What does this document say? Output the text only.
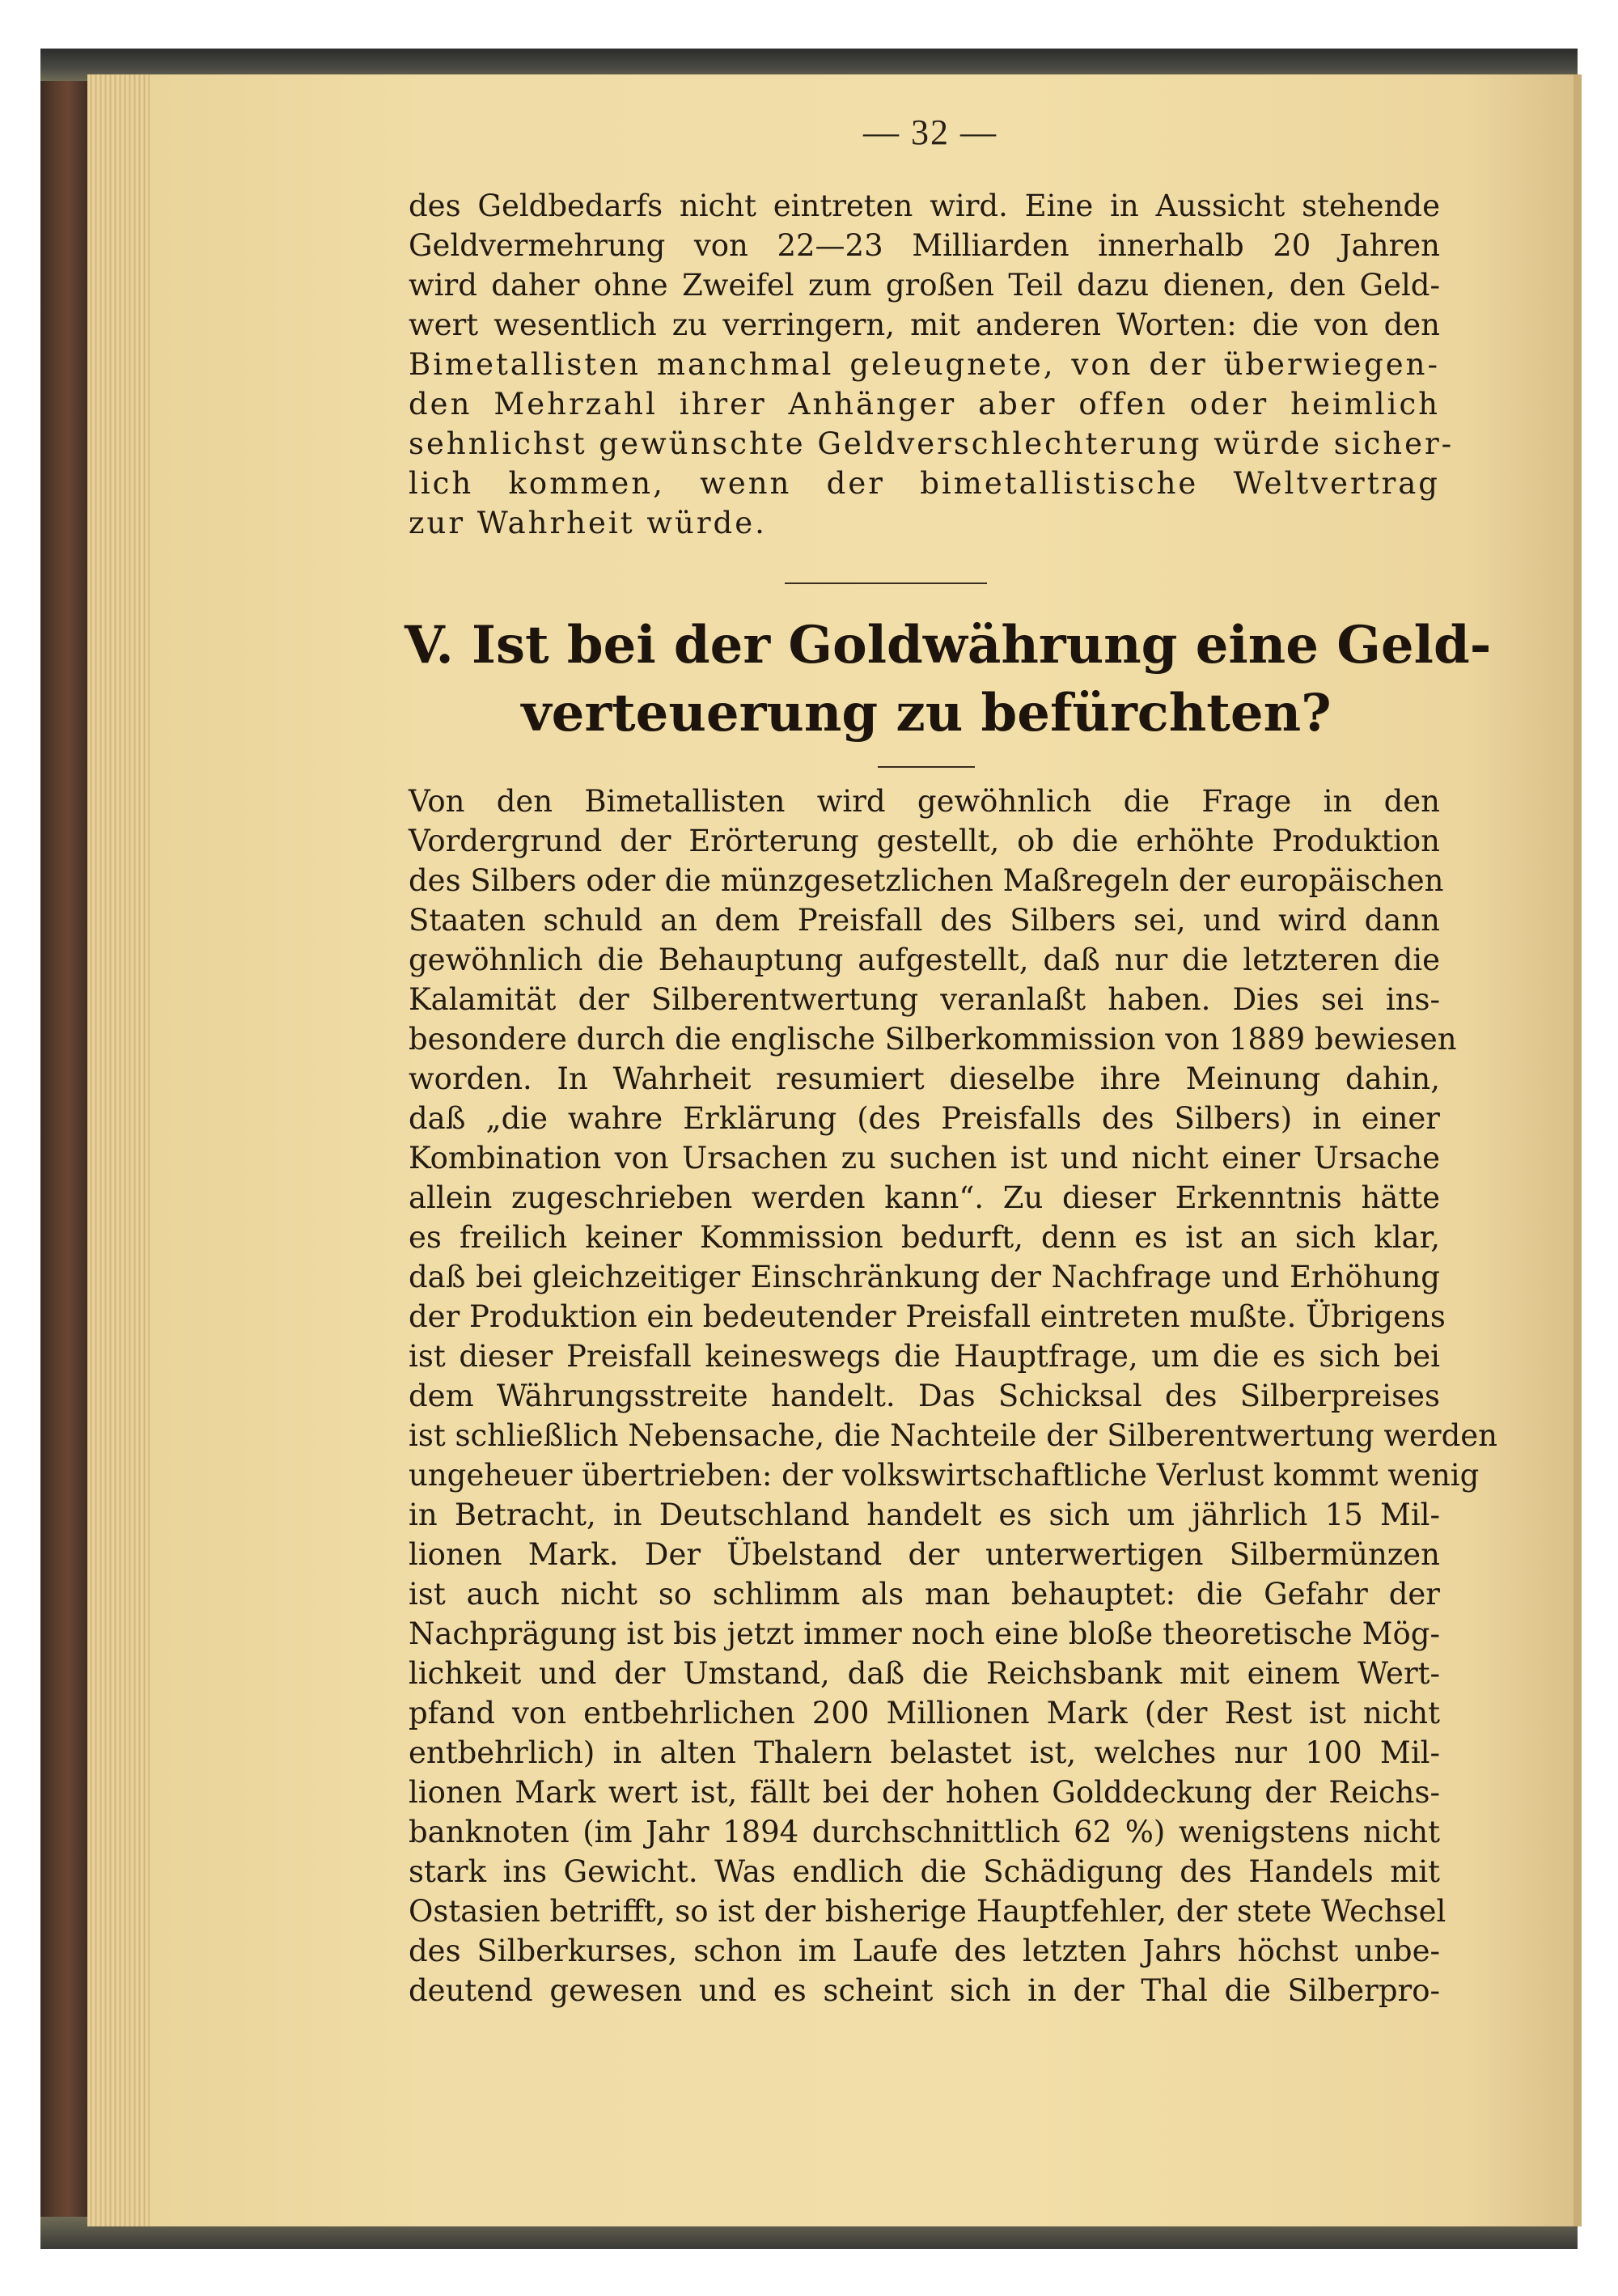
— 32 —
des Geldbedarfs nicht eintreten wird. Eine in Aussicht stehende
Geldvermehrung von 22—23 Milliarden innerhalb 20 Jahren
wird daher ohne Zweifel zum großen Teil dazu dienen, den Geld-
wert wesentlich zu verringern, mit anderen Worten: die von den
Bimetallisten manchmal geleugnete, von der überwiegen-
den Mehrzahl ihrer Anhänger aber offen oder heimlich
sehnlichst gewünschte Geldverschlechterung würde sicher-
lich kommen, wenn der bimetallistische Weltvertrag
zur Wahrheit würde.
V. Ist bei der Goldwährung eine Geld-
verteuerung zu befürchten?
Von den Bimetallisten wird gewöhnlich die Frage in den
Vordergrund der Erörterung gestellt, ob die erhöhte Produktion
des Silbers oder die münzgesetzlichen Maßregeln der europäischen
Staaten schuld an dem Preisfall des Silbers sei, und wird dann
gewöhnlich die Behauptung aufgestellt, daß nur die letzteren die
Kalamität der Silberentwertung veranlaßt haben. Dies sei ins-
besondere durch die englische Silberkommission von 1889 bewiesen
worden. In Wahrheit resumiert dieselbe ihre Meinung dahin,
daß „die wahre Erklärung (des Preisfalls des Silbers) in einer
Kombination von Ursachen zu suchen ist und nicht einer Ursache
allein zugeschrieben werden kann“. Zu dieser Erkenntnis hätte
es freilich keiner Kommission bedurft, denn es ist an sich klar,
daß bei gleichzeitiger Einschränkung der Nachfrage und Erhöhung
der Produktion ein bedeutender Preisfall eintreten mußte. Übrigens
ist dieser Preisfall keineswegs die Hauptfrage, um die es sich bei
dem Währungsstreite handelt. Das Schicksal des Silberpreises
ist schließlich Nebensache, die Nachteile der Silberentwertung werden
ungeheuer übertrieben: der volkswirtschaftliche Verlust kommt wenig
in Betracht, in Deutschland handelt es sich um jährlich 15 Mil-
lionen Mark. Der Übelstand der unterwertigen Silbermünzen
ist auch nicht so schlimm als man behauptet: die Gefahr der
Nachprägung ist bis jetzt immer noch eine bloße theoretische Mög-
lichkeit und der Umstand, daß die Reichsbank mit einem Wert-
pfand von entbehrlichen 200 Millionen Mark (der Rest ist nicht
entbehrlich) in alten Thalern belastet ist, welches nur 100 Mil-
lionen Mark wert ist, fällt bei der hohen Golddeckung der Reichs-
banknoten (im Jahr 1894 durchschnittlich 62 %) wenigstens nicht
stark ins Gewicht. Was endlich die Schädigung des Handels mit
Ostasien betrifft, so ist der bisherige Hauptfehler, der stete Wechsel
des Silberkurses, schon im Laufe des letzten Jahrs höchst unbe-
deutend gewesen und es scheint sich in der Thal die Silberpro-
